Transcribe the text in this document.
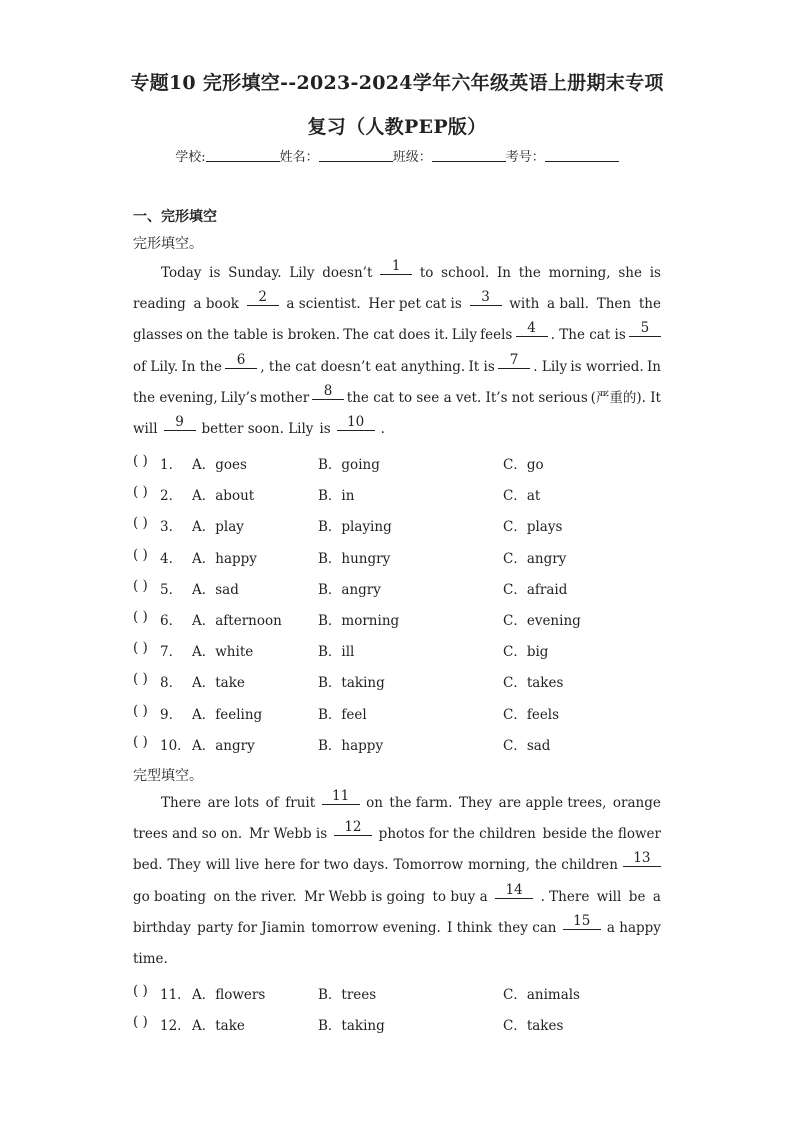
专题10 完形填空--2023-2024学年六年级英语上册期末专项
复习（人教PEP版）
学校:	姓名：	班级：	考号：
一、完形填空
完形填空。
Today is Sunday. Lily doesn’t	1	to school. In the morning, she is
reading a book	2	a scientist. Her pet cat is	3	with a ball. Then the
glasses on the table is broken. The cat does it. Lily feels	4	. The cat is	5
of Lily. In the	6	, the cat doesn’t eat anything. It is	7	. Lily is worried. In
the evening, Lily’s mother	8	the cat to see a vet. It’s not serious (严重的). It
will	9	better soon. Lily is	10	.
( ) 1． A．goes	B．going	C．go
( ) 2． A．about	B．in	C．at
( ) 3． A．play	B．playing	C．plays
( ) 4． A．happy	B．hungry	C．angry
( ) 5． A．sad	B．angry	C．afraid
( ) 6． A．afternoon	B．morning	C．evening
( ) 7． A．white	B．ill	C．big
( ) 8． A．take	B．taking	C．takes
( ) 9． A．feeling	B．feel	C．feels
( ) 10． A．angry	B．happy	C．sad
完型填空。
There are lots of fruit	11	on the farm. They are apple trees, orange
trees and so on. Mr Webb is	12	photos for the children beside the flower
bed. They will live here for two days. Tomorrow morning, the children	13
go boating on the river. Mr Webb is going to buy a	14	. There will be a
birthday party for Jiamin tomorrow evening. I think they can	15	a happy
time.
( ) 11． A．flowers	B．trees	C．animals
( ) 12． A．take	B．taking	C．takes
